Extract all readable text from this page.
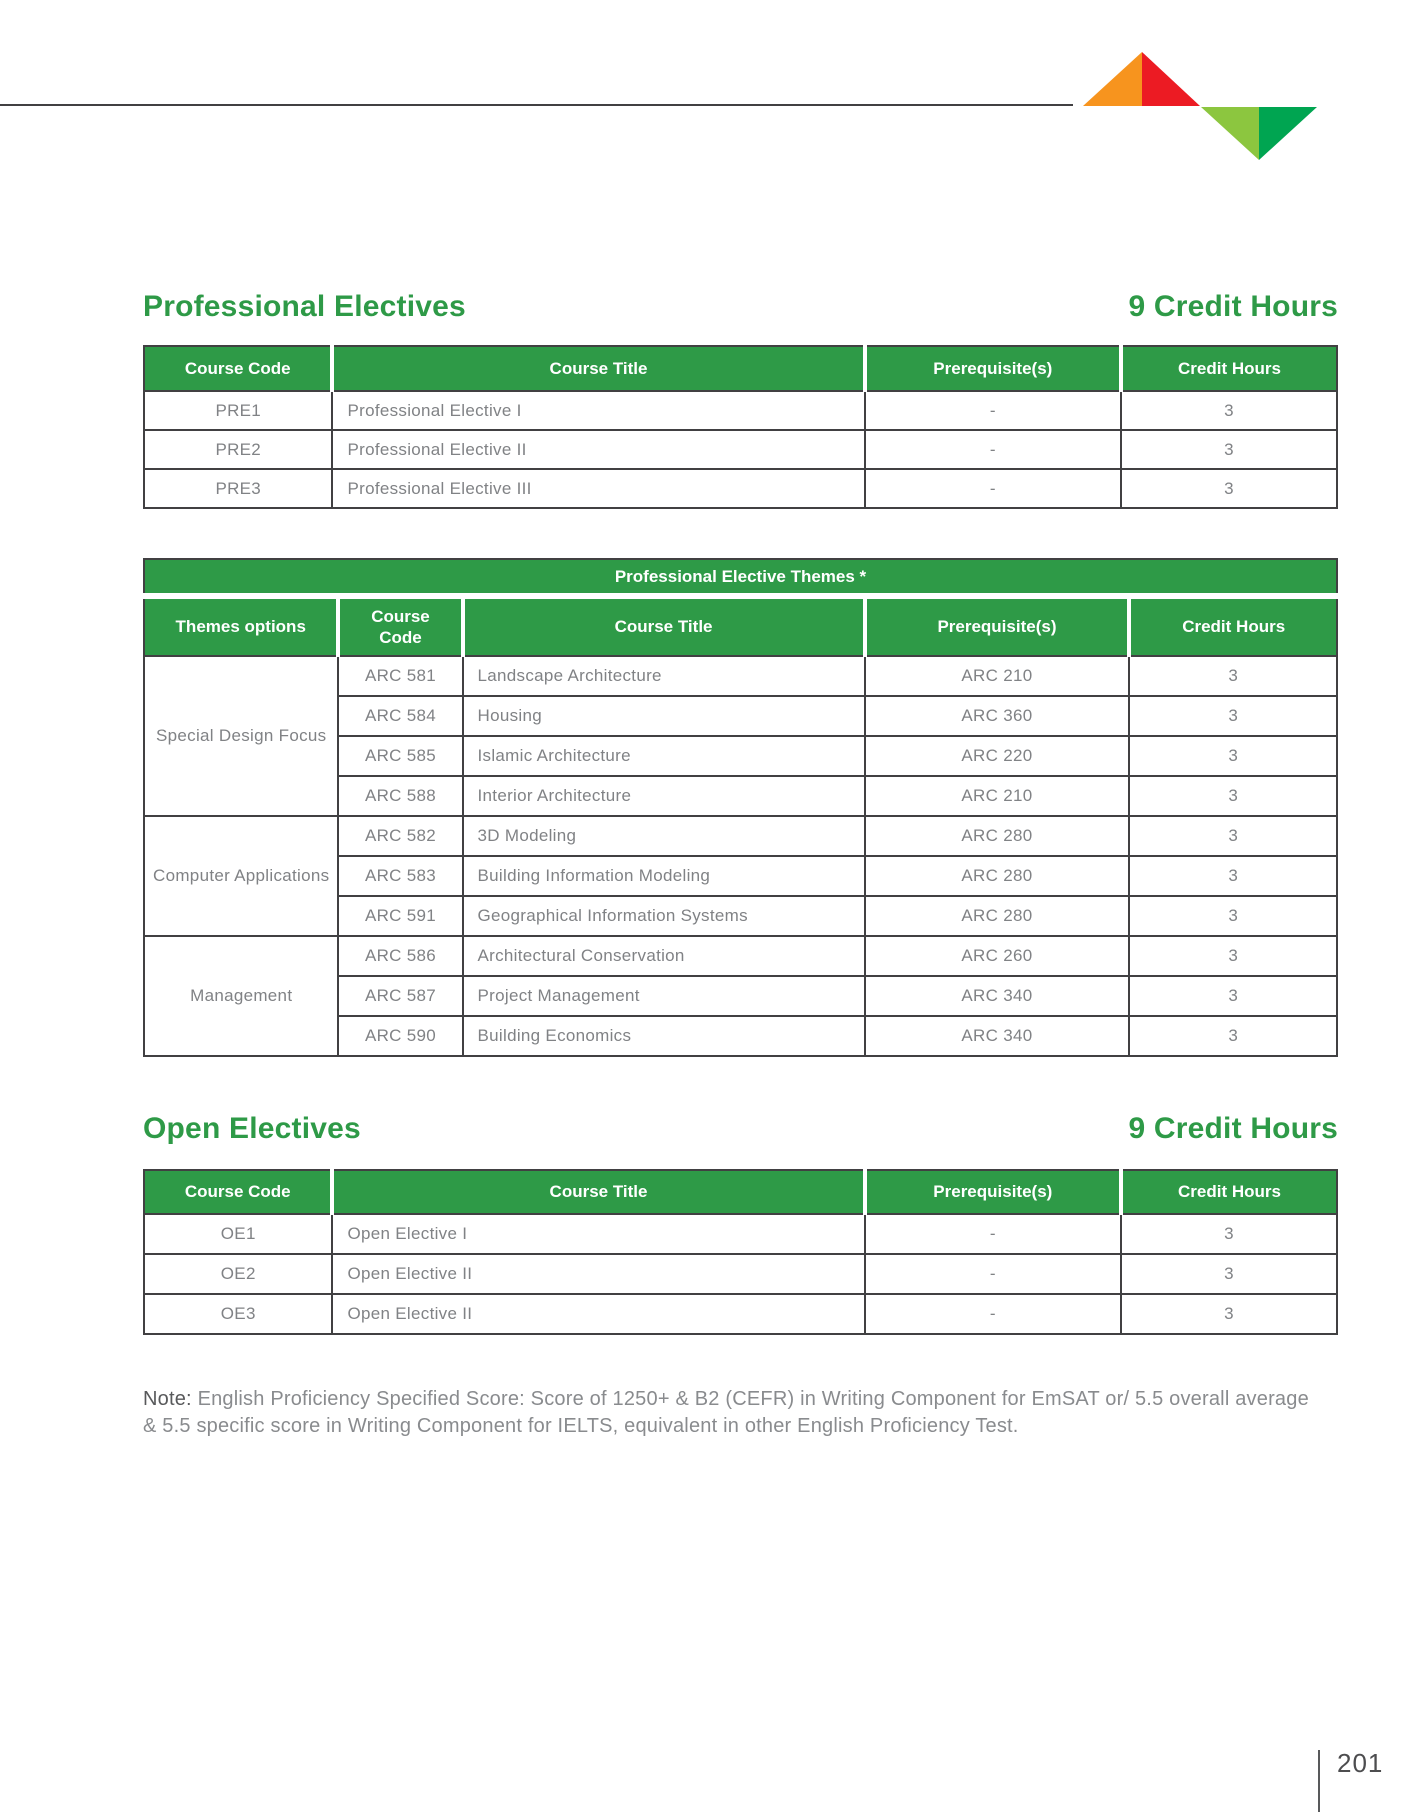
Professional Electives	9 Credit Hours
Course Code	Course Title	Prerequisite(s)	Credit Hours
PRE1	Professional Elective I	-	3
PRE2	Professional Elective II	-	3
PRE3	Professional Elective III	-	3
Professional Elective Themes *				
Themes options	Course Code	Course Title	Prerequisite(s)	Credit Hours
Special Design Focus	ARC 581	Landscape Architecture	ARC 210	3
	ARC 584	Housing	ARC 360	3
	ARC 585	Islamic Architecture	ARC 220	3
	ARC 588	Interior Architecture	ARC 210	3
Computer Applications	ARC 582	3D Modeling	ARC 280	3
	ARC 583	Building Information Modeling	ARC 280	3
	ARC 591	Geographical Information Systems	ARC 280	3
Management	ARC 586	Architectural Conservation	ARC 260	3
	ARC 587	Project Management	ARC 340	3
	ARC 590	Building Economics	ARC 340	3
Open Electives	9 Credit Hours
Course Code	Course Title	Prerequisite(s)	Credit Hours
OE1	Open Elective I	-	3
OE2	Open Elective II	-	3
OE3	Open Elective II	-	3

Note: English Proficiency Specified Score: Score of 1250+ & B2 (CEFR) in Writing Component for EmSAT or/ 5.5 overall average & 5.5 specific score in Writing Component for IELTS, equivalent in other English Proficiency Test.

201
